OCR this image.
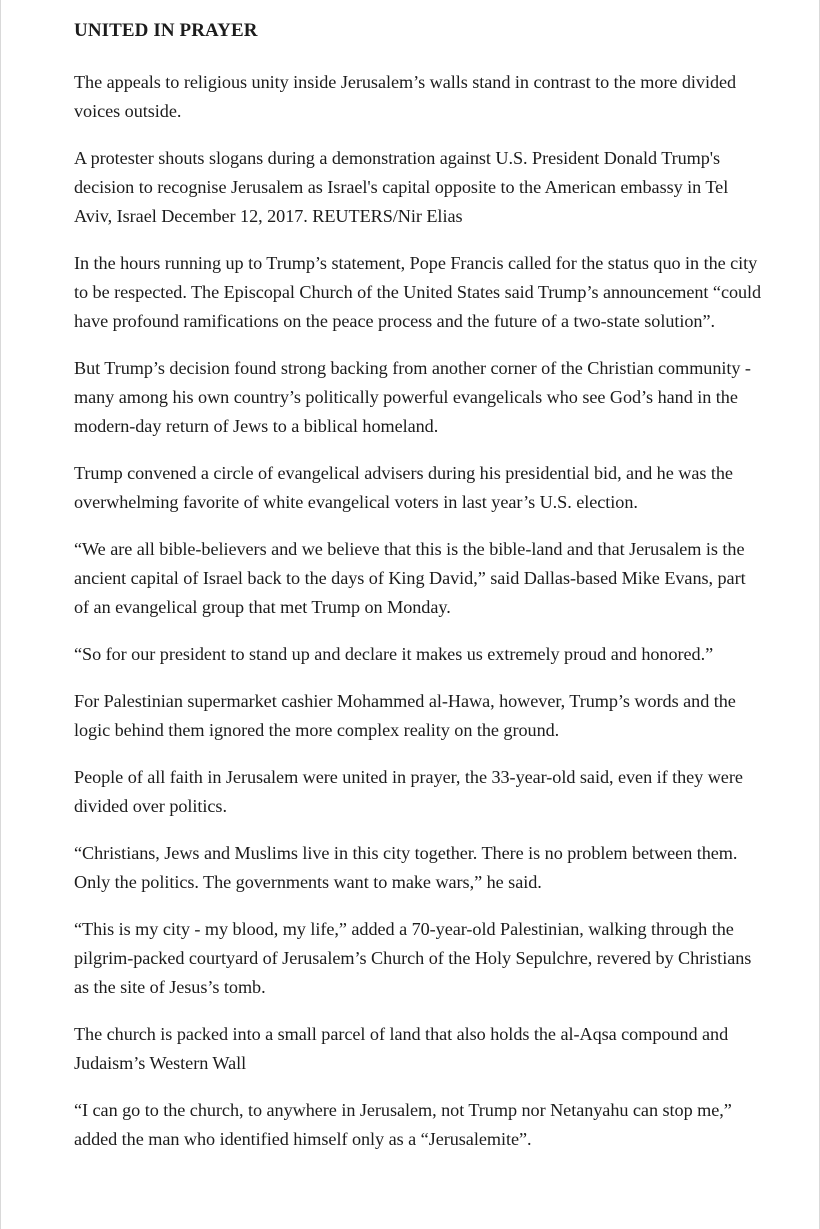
UNITED IN PRAYER

The appeals to religious unity inside Jerusalem’s walls stand in contrast to the more divided voices outside.

A protester shouts slogans during a demonstration against U.S. President Donald Trump's decision to recognise Jerusalem as Israel's capital opposite to the American embassy in Tel Aviv, Israel December 12, 2017. REUTERS/Nir Elias

In the hours running up to Trump’s statement, Pope Francis called for the status quo in the city to be respected. The Episcopal Church of the United States said Trump’s announcement “could have profound ramifications on the peace process and the future of a two-state solution”.

But Trump’s decision found strong backing from another corner of the Christian community - many among his own country’s politically powerful evangelicals who see God’s hand in the modern-day return of Jews to a biblical homeland.

Trump convened a circle of evangelical advisers during his presidential bid, and he was the overwhelming favorite of white evangelical voters in last year’s U.S. election.

“We are all bible-believers and we believe that this is the bible-land and that Jerusalem is the ancient capital of Israel back to the days of King David,” said Dallas-based Mike Evans, part of an evangelical group that met Trump on Monday.

“So for our president to stand up and declare it makes us extremely proud and honored.”

For Palestinian supermarket cashier Mohammed al-Hawa, however, Trump’s words and the logic behind them ignored the more complex reality on the ground.

People of all faith in Jerusalem were united in prayer, the 33-year-old said, even if they were divided over politics.

“Christians, Jews and Muslims live in this city together. There is no problem between them. Only the politics. The governments want to make wars,” he said.

“This is my city - my blood, my life,” added a 70-year-old Palestinian, walking through the pilgrim-packed courtyard of Jerusalem’s Church of the Holy Sepulchre, revered by Christians as the site of Jesus’s tomb.

The church is packed into a small parcel of land that also holds the al-Aqsa compound and Judaism’s Western Wall

“I can go to the church, to anywhere in Jerusalem, not Trump nor Netanyahu can stop me,” added the man who identified himself only as a “Jerusalemite”.
